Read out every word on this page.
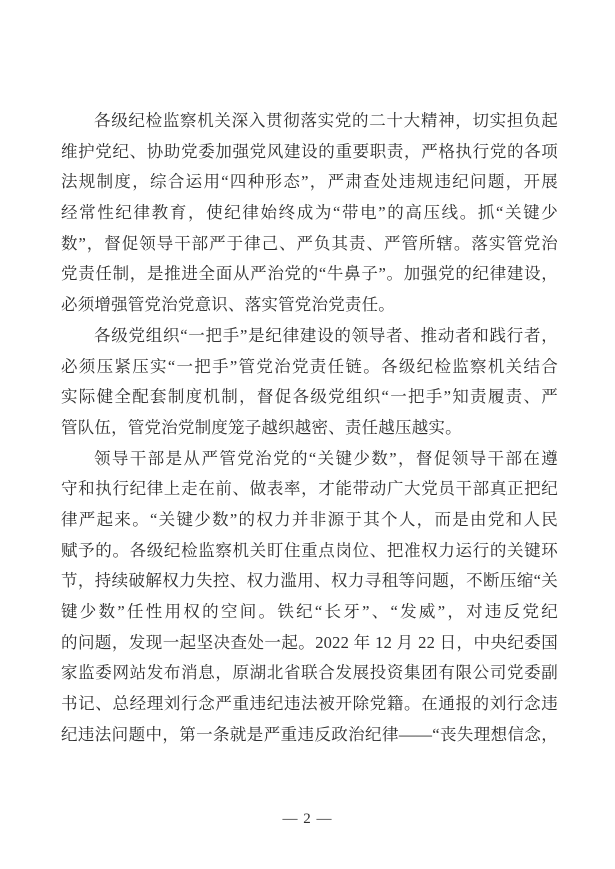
各级纪检监察机关深入贯彻落实党的二十大精神，切实担负起
维护党纪、协助党委加强党风建设的重要职责，严格执行党的各项
法规制度，综合运用“四种形态”，严肃查处违规违纪问题，开展
经常性纪律教育，使纪律始终成为“带电”的高压线。抓“关键少
数”，督促领导干部严于律己、严负其责、严管所辖。落实管党治
党责任制，是推进全面从严治党的“牛鼻子”。加强党的纪律建设，
必须增强管党治党意识、落实管党治党责任。
各级党组织“一把手”是纪律建设的领导者、推动者和践行者，
必须压紧压实“一把手”管党治党责任链。各级纪检监察机关结合
实际健全配套制度机制，督促各级党组织“一把手”知责履责、严
管队伍，管党治党制度笼子越织越密、责任越压越实。
领导干部是从严管党治党的“关键少数”，督促领导干部在遵
守和执行纪律上走在前、做表率，才能带动广大党员干部真正把纪
律严起来。“关键少数”的权力并非源于其个人，而是由党和人民
赋予的。各级纪检监察机关盯住重点岗位、把准权力运行的关键环
节，持续破解权力失控、权力滥用、权力寻租等问题，不断压缩“关
键少数”任性用权的空间。铁纪“长牙”、“发威”，对违反党纪
的问题，发现一起坚决查处一起。2022 年 12 月 22 日，中央纪委国
家监委网站发布消息，原湖北省联合发展投资集团有限公司党委副
书记、总经理刘行念严重违纪违法被开除党籍。在通报的刘行念违
纪违法问题中，第一条就是严重违反政治纪律——“丧失理想信念，
— 2 —
